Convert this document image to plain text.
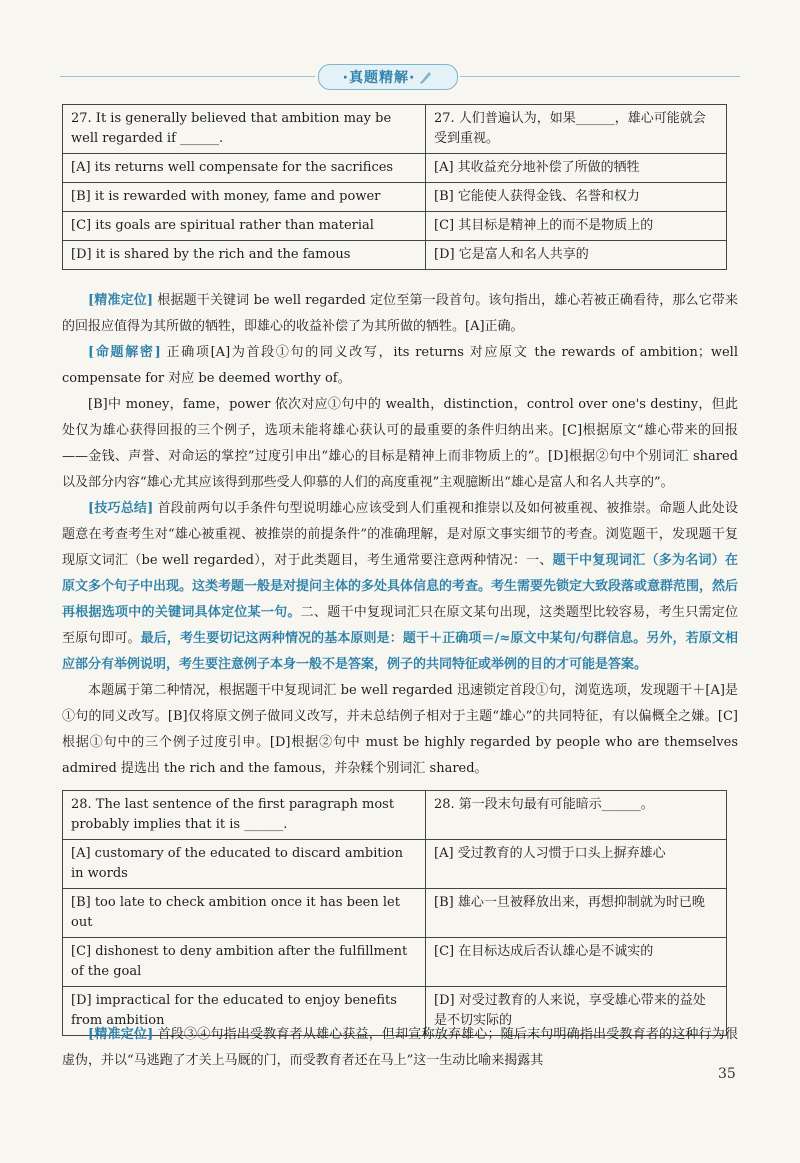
·真题精解·
27. It is generally believed that ambition may be well regarded if ______.	27. 人们普遍认为，如果______，雄心可能就会受到重视。
[A] its returns well compensate for the sacrifices	[A] 其收益充分地补偿了所做的牺牲
[B] it is rewarded with money, fame and power	[B] 它能使人获得金钱、名誉和权力
[C] its goals are spiritual rather than material	[C] 其目标是精神上的而不是物质上的
[D] it is shared by the rich and the famous	[D] 它是富人和名人共享的

[精准定位] 根据题干关键词 be well regarded 定位至第一段首句。该句指出，雄心若被正确看待，那么它带来的回报应值得为其所做的牺牲，即雄心的收益补偿了为其所做的牺牲。[A]正确。

[命题解密] 正确项[A]为首段①句的同义改写，its returns 对应原文 the rewards of ambition；well compensate for 对应 be deemed worthy of。

[B]中 money，fame，power 依次对应①句中的 wealth，distinction，control over one's destiny，但此处仅为雄心获得回报的三个例子，选项未能将雄心获认可的最重要的条件归纳出来。[C]根据原文“雄心带来的回报——金钱、声誉、对命运的掌控”过度引申出“雄心的目标是精神上而非物质上的”。[D]根据②句中个别词汇 shared 以及部分内容“雄心尤其应该得到那些受人仰慕的人们的高度重视”主观臆断出“雄心是富人和名人共享的”。

[技巧总结] 首段前两句以手条件句型说明雄心应该受到人们重视和推崇以及如何被重视、被推崇。命题人此处设题意在考查考生对“雄心被重视、被推崇的前提条件”的准确理解，是对原文事实细节的考查。浏览题干，发现题干复现原文词汇（be well regarded），对于此类题目，考生通常要注意两种情况：一、题干中复现词汇（多为名词）在原文多个句子中出现。这类考题一般是对提问主体的多处具体信息的考查。考生需要先锁定大致段落或意群范围，然后再根据选项中的关键词具体定位某一句。二、题干中复现词汇只在原文某句出现，这类题型比较容易，考生只需定位至原句即可。最后，考生要切记这两种情况的基本原则是：题干＋正确项＝/≈原文中某句/句群信息。另外，若原文相应部分有举例说明，考生要注意例子本身一般不是答案，例子的共同特征或举例的目的才可能是答案。

本题属于第二种情况，根据题干中复现词汇 be well regarded 迅速锁定首段①句，浏览选项，发现题干＋[A]是①句的同义改写。[B]仅将原文例子做同义改写，并未总结例子相对于主题“雄心”的共同特征，有以偏概全之嫌。[C]根据①句中的三个例子过度引申。[D]根据②句中 must be highly regarded by people who are themselves admired 提选出 the rich and the famous，并杂糅个别词汇 shared。

28. The last sentence of the first paragraph most probably implies that it is ______.	28. 第一段末句最有可能暗示______。
[A] customary of the educated to discard ambition in words	[A] 受过教育的人习惯于口头上摒弃雄心
[B] too late to check ambition once it has been let out	[B] 雄心一旦被释放出来，再想抑制就为时已晚
[C] dishonest to deny ambition after the fulfillment of the goal	[C] 在目标达成后否认雄心是不诚实的
[D] impractical for the educated to enjoy benefits from ambition	[D] 对受过教育的人来说，享受雄心带来的益处是不切实际的

[精准定位] 首段③④句指出受教育者从雄心获益，但却宣称放弃雄心；随后末句明确指出受教育者的这种行为很虚伪，并以“马逃跑了才关上马厩的门，而受教育者还在马上”这一生动比喻来揭露其

35
